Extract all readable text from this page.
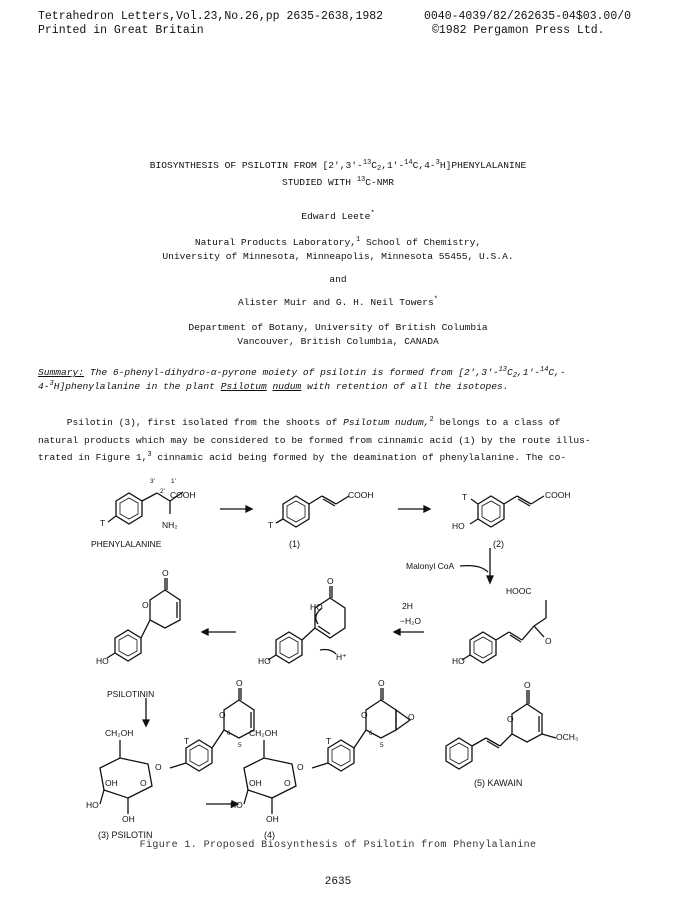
Tetrahedron Letters,Vol.23,No.26,pp 2635-2638,1982
Printed in Great Britain
0040-4039/82/262635-04$03.00/0
©1982 Pergamon Press Ltd.
BIOSYNTHESIS OF PSILOTIN FROM $[2',3'-^{13}C_2,1'-^{14}C,4-^3H]PHENYLALANINE$
STUDIED WITH $^{13}$C-NMR
Edward Leete*
Natural Products Laboratory,$^1$ School of Chemistry,
University of Minnesota, Minneapolis, Minnesota 55455, U.S.A.
and
Alister Muir and G. H. Neil Towers*
Department of Botany, University of British Columbia
Vancouver, British Columbia, CANADA
Summary: The 6-phenyl-dihydro-α-pyrone moiety of psilotin is formed from [$2',3'-^{13}C_2,1'-^{14}C,-$
4-$^3$H]phenylalanine in the plant Psilotum nudum with retention of all the isotopes.
Psilotin (3), first isolated from the shoots of Psilotum nudum,$^2$ belongs to a class of
natural products which may be considered to be formed from cinnamic acid (1) by the route illus-
trated in Figure 1,$^3$ cinnamic acid being formed by the deamination of phenylalanine. The co-
COOH
NH₂
T
3'
2'
1'
PHENYLALANINE
COOH
T
(1)
COOH
T
HO
(2)
Malonyl CoA
HOOC
O
HO
2H
−H₂O
O
HO
H⁺
HO
O
O
HO
PSILOTININ
O
O
T
6
5
CH₂OH
O
O
OH
HO
OH
(3) PSILOTIN
O
O	O
T
6
5
CH₂OH
O
O
OH
HO
OH
(4)
O
O
OCH₃
(5) KAWAIN
Figure 1. Proposed Biosynthesis of Psilotin from Phenylalanine
2635
